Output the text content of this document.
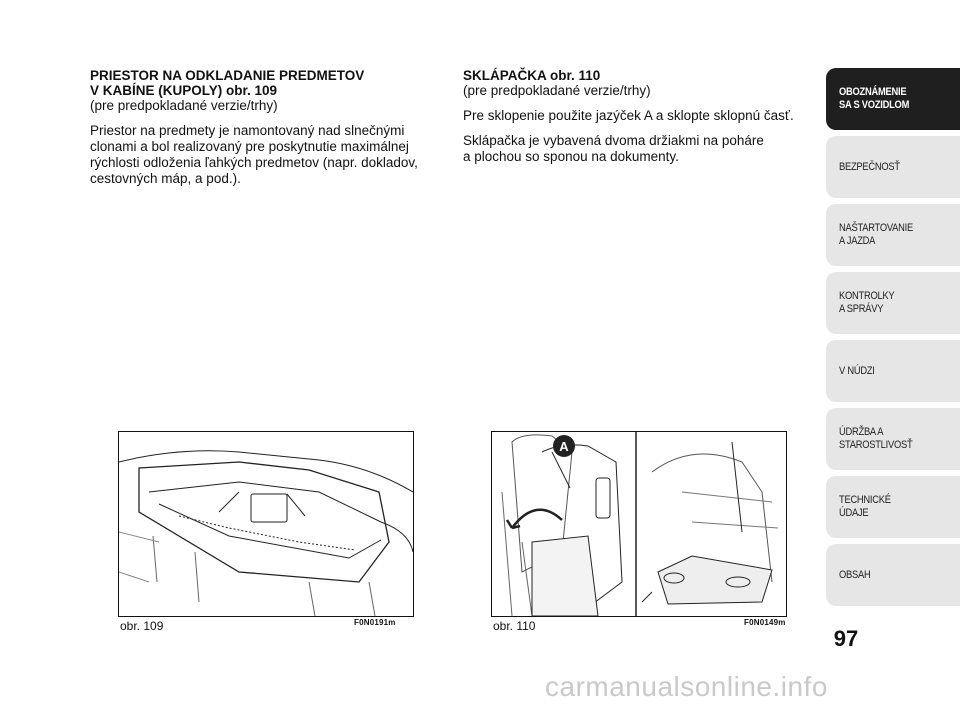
PRIESTOR NA ODKLADANIE PREDMETOV
V KABÍNE (KUPOLY) obr. 109

(pre predpokladané verzie/trhy)

Priestor na predmety je namontovaný nad slnečnými clonami a bol realizovaný pre poskytnutie maximálnej rýchlosti odloženia ľahkých predmetov (napr. dokladov, cestovných máp, a pod.).

SKLÁPAČKA obr. 110

(pre predpokladané verzie/trhy)

Pre sklopenie použite jazýček A a sklopte sklopnú časť.

Sklápačka je vybavená dvoma držiakmi na poháre a plochou so sponou na dokumenty.

obr. 109	F0N0191m
A
obr. 110	F0N0149m
OBOZNÁMENIE
SA S VOZIDLOM
BEZPEČNOSŤ
NAŠTARTOVANIE
A JAZDA
KONTROLKY
A SPRÁVY
V NÚDZI
ÚDRŽBA A
STAROSTLIVOSŤ
TECHNICKÉ
ÚDAJE
OBSAH
97
carmanualsonline.info
